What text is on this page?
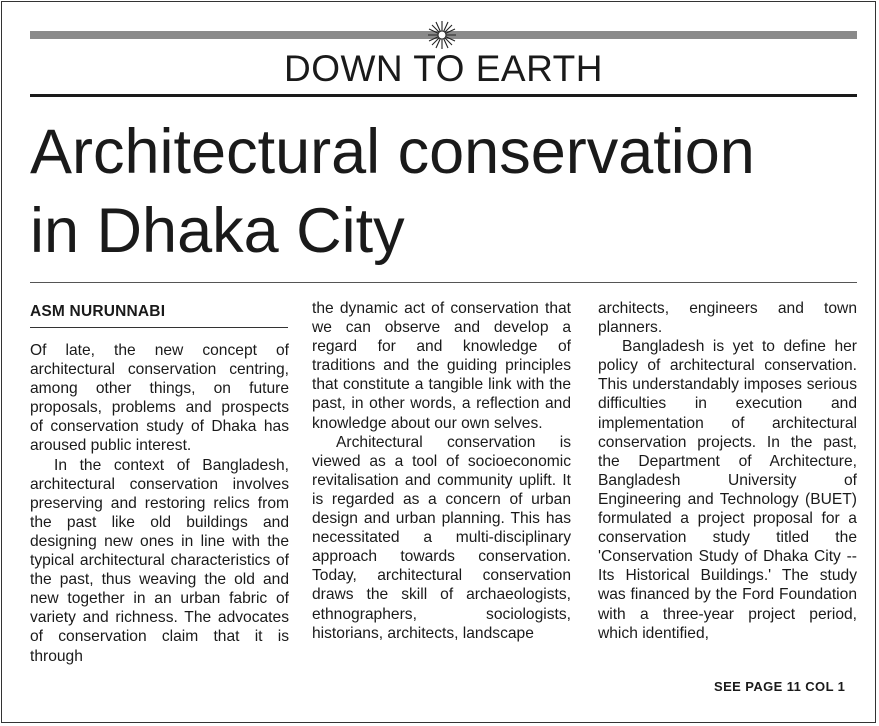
DOWN TO EARTH
Architectural conservation
in Dhaka City
ASM NURUNNABI

Of late, the new concept of architectural conservation centring, among other things, on future proposals, problems and prospects of conservation study of Dhaka has aroused public interest.

In the context of Bangladesh, architectural conservation involves preserving and restoring relics from the past like old buildings and designing new ones in line with the typical architectural characteristics of the past, thus weaving the old and new together in an urban fabric of variety and richness. The advocates of conservation claim that it is through

the dynamic act of conservation that we can observe and develop a regard for and knowledge of traditions and the guiding principles that constitute a tangible link with the past, in other words, a reflection and knowledge about our own selves.

Architectural conservation is viewed as a tool of socioeconomic revitalisation and community uplift. It is regarded as a concern of urban design and urban planning. This has necessitated a multi-disciplinary approach towards conservation. Today, architectural conservation draws the skill of archaeologists, ethnographers, sociologists, historians, architects, landscape

architects, engineers and town planners.

Bangladesh is yet to define her policy of architectural conservation. This understandably imposes serious difficulties in execution and implementation of architectural conservation projects. In the past, the Department of Architecture, Bangladesh University of Engineering and Technology (BUET) formulated a project proposal for a conservation study titled the 'Conservation Study of Dhaka City -- Its Historical Buildings.' The study was financed by the Ford Foundation with a three-year project period, which identified,

SEE PAGE 11 COL 1
